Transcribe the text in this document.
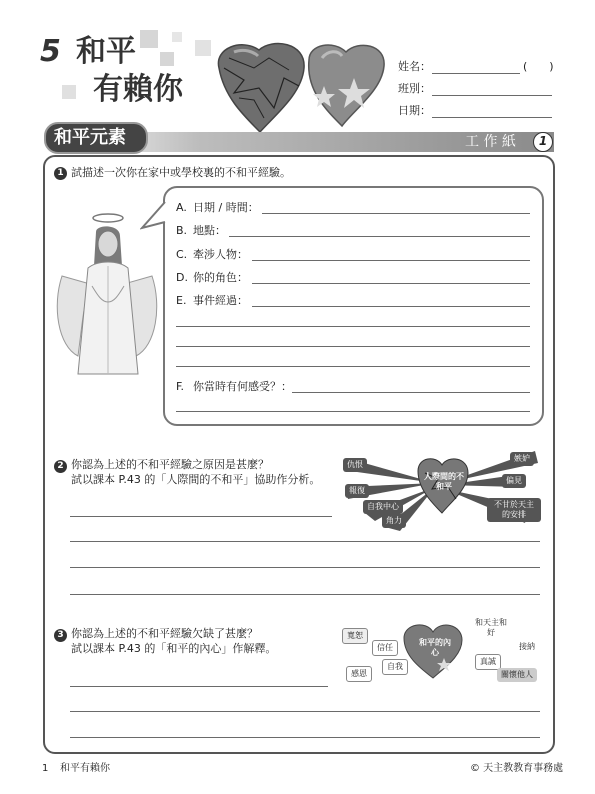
5 和平
有賴你
姓名：	(　　)
班別：
日期：
和平元素	工 作 紙	1
1 試描述一次你在家中或學校裏的不和平經驗。
A. 日期 / 時間：
B. 地點：
C. 牽涉人物：
D. 你的角色：
E. 事件經過：
F. 你當時有何感受？：
2 你認為上述的不和平經驗之原因是甚麼？
試以課本 P.43 的「人際間的不和平」協助作分析。	人際間的不和平
仇恨
嫉妒
報復
偏見
自我中心	不甘於天主的安排
角力
3 你認為上述的不和平經驗欠缺了甚麼？
試以課本 P.43 的「和平的內心」作解釋。	和平的內心
寬恕
和天主和好
接納
信任
自我
真誠
感恩	關懷他人
1 和平有賴你	© 天主教教育事務處
